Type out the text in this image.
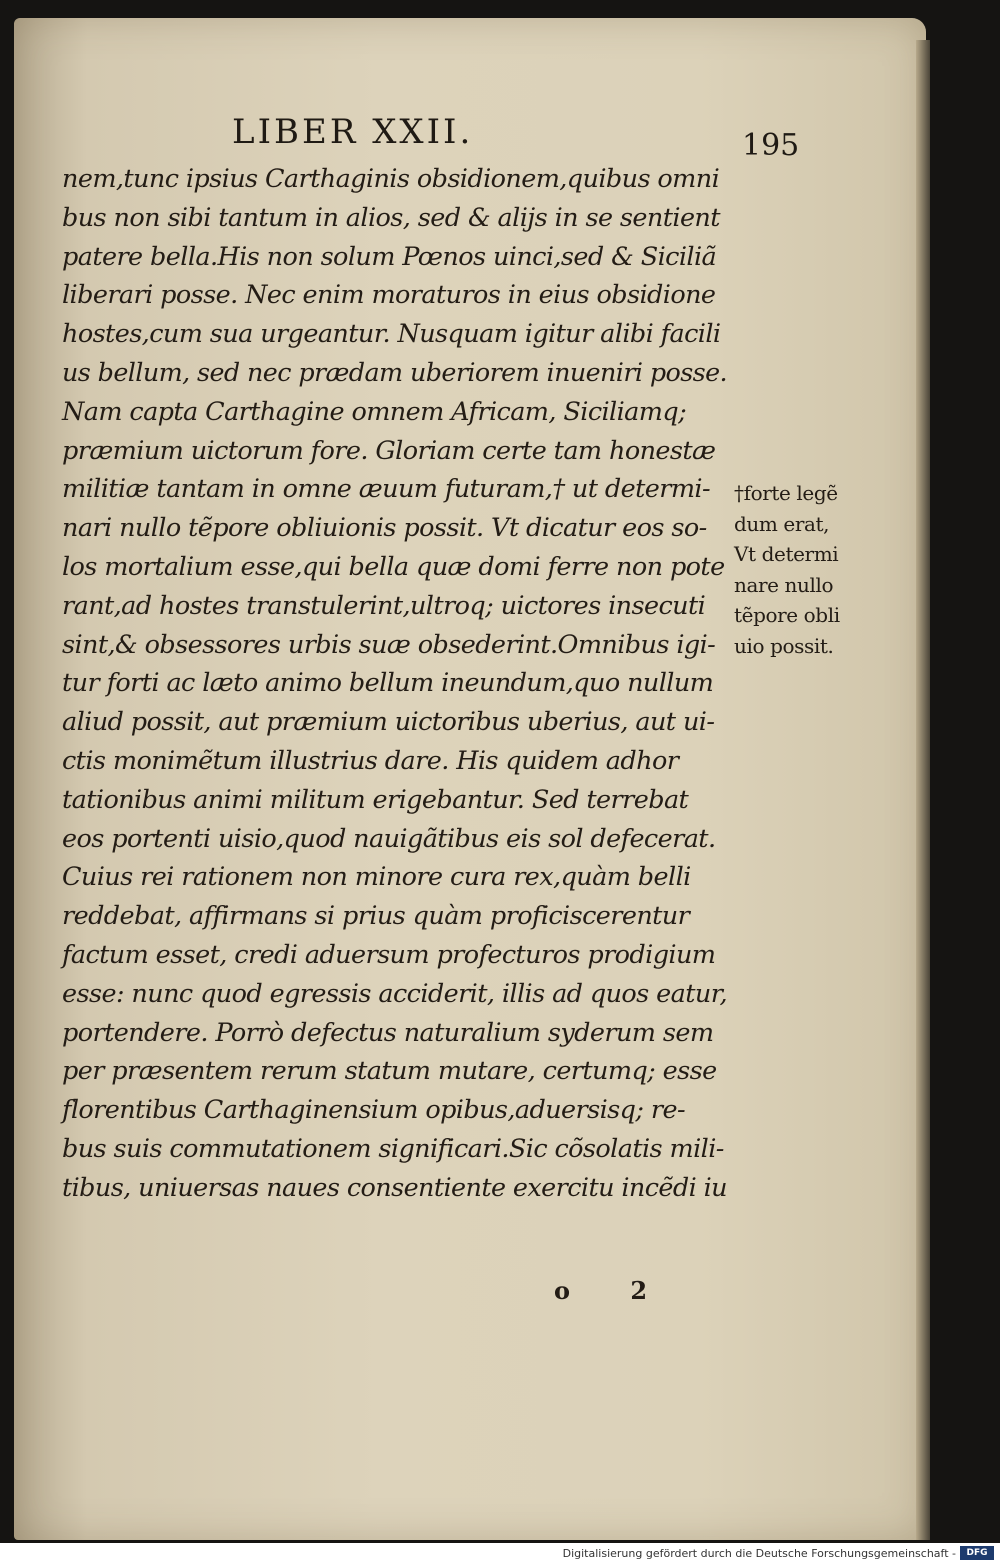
LIBER XXII.	195
nem,tunc ipsius Carthaginis obsidionem,quibus omni
bus non sibi tantum in alios, sed & alijs in se sentient
patere bella.His non solum Pœnos uinci,sed & Siciliã
liberari posse. Nec enim moraturos in eius obsidione
hostes,cum sua urgeantur. Nusquam igitur alibi facili
us bellum, sed nec prædam uberiorem inueniri posse.
Nam capta Carthagine omnem Africam, Siciliamq;
præmium uictorum fore. Gloriam certe tam honestæ
militiæ tantam in omne æuum futuram,† ut determi-
nari nullo tẽpore obliuionis possit. Vt dicatur eos so-
los mortalium esse,qui bella quæ domi ferre non pote
rant,ad hostes transtulerint,ultroq; uictores insecuti
sint,& obsessores urbis suæ obsederint.Omnibus igi-
tur forti ac læto animo bellum ineundum,quo nullum
aliud possit, aut præmium uictoribus uberius, aut ui-
ctis monimẽtum illustrius dare. His quidem adhor
tationibus animi militum erigebantur. Sed terrebat
eos portenti uisio,quod nauigãtibus eis sol defecerat.
Cuius rei rationem non minore cura rex,quàm belli
reddebat, affirmans si prius quàm proficiscerentur
factum esset, credi aduersum profecturos prodigium
esse: nunc quod egressis acciderit, illis ad quos eatur,
portendere. Porrò defectus naturalium syderum sem
per præsentem rerum statum mutare, certumq; esse
florentibus Carthaginensium opibus,aduersisq; re-
bus suis commutationem significari.Sic cõsolatis mili-
tibus, uniuersas naues consentiente exercitu incẽdi iu
†forte legẽ
dum erat,
Vt determi
nare nullo
tẽpore obli
uio possit.
o 2
Digitalisierung gefördert durch die Deutsche Forschungsgemeinschaft -	DFG
